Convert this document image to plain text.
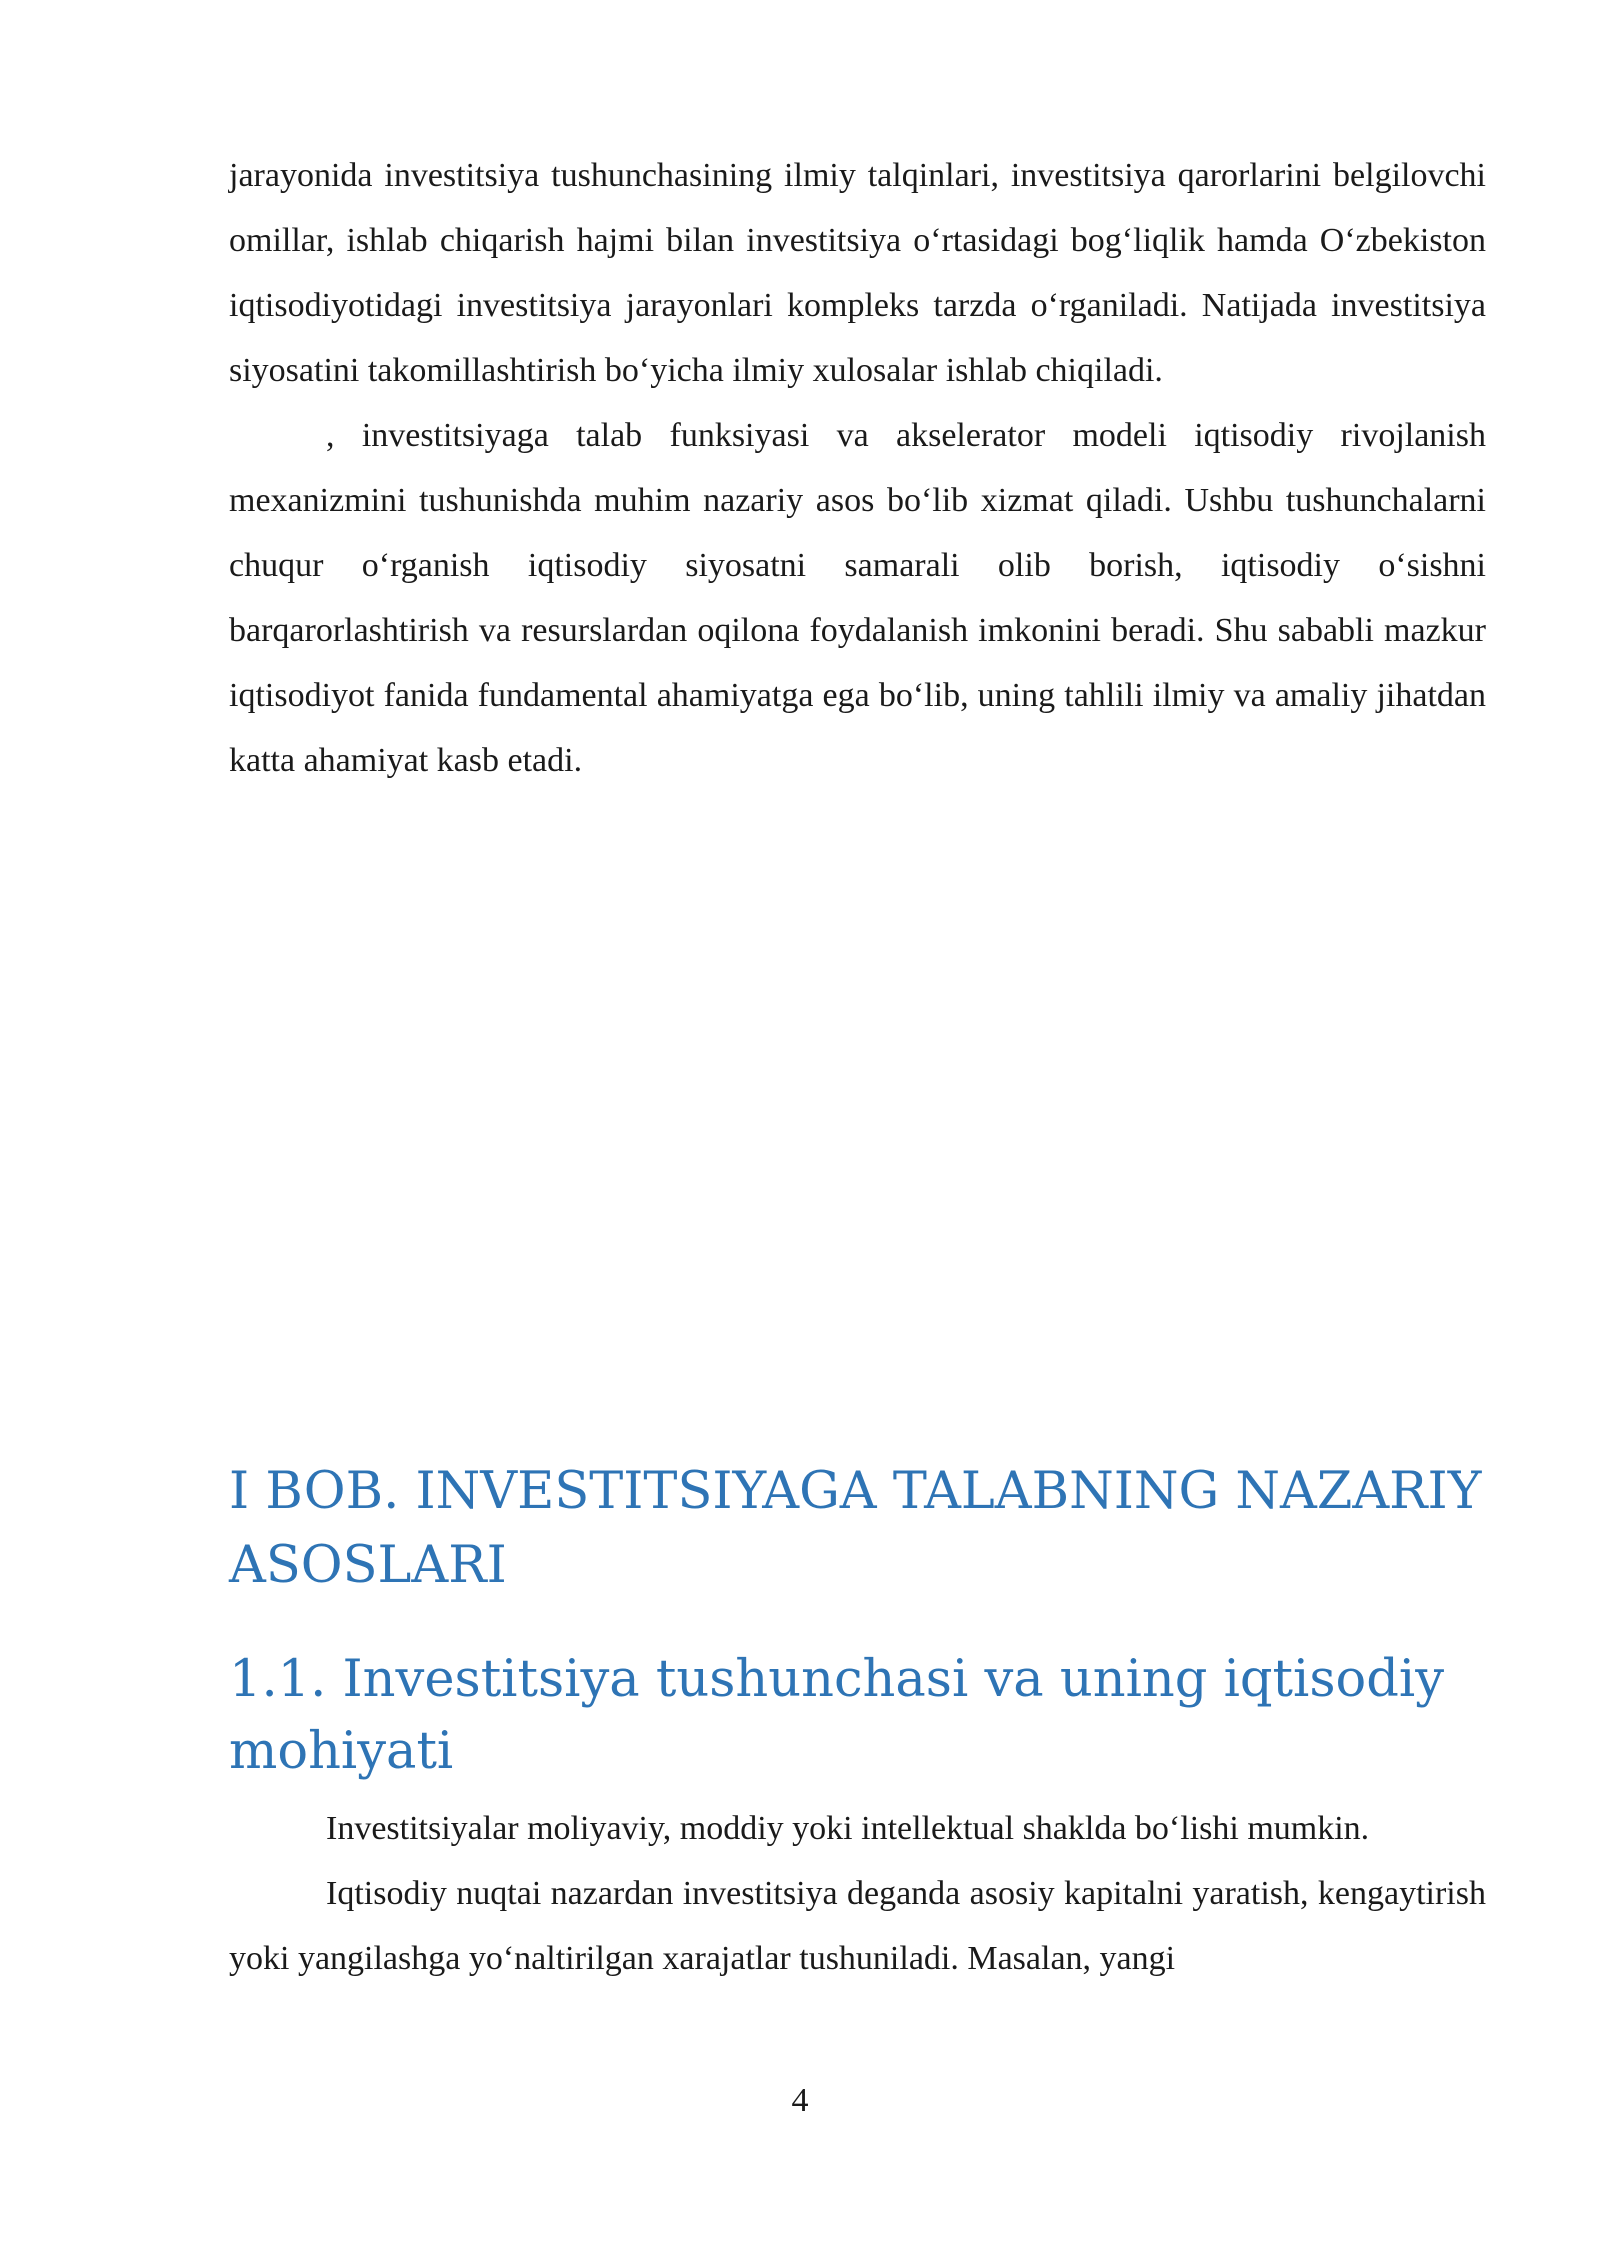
jarayonida investitsiya tushunchasining ilmiy talqinlari, investitsiya qarorlarini belgilovchi omillar, ishlab chiqarish hajmi bilan investitsiya o‘rtasidagi bog‘liqlik hamda O‘zbekiston iqtisodiyotidagi investitsiya jarayonlari kompleks tarzda o‘rganiladi. Natijada investitsiya siyosatini takomillashtirish bo‘yicha ilmiy xulosalar ishlab chiqiladi.

, investitsiyaga talab funksiyasi va akselerator modeli iqtisodiy rivojlanish mexanizmini tushunishda muhim nazariy asos bo‘lib xizmat qiladi. Ushbu tushunchalarni chuqur o‘rganish iqtisodiy siyosatni samarali olib borish, iqtisodiy o‘sishni barqarorlashtirish va resurslardan oqilona foydalanish imkonini beradi. Shu sababli mazkur iqtisodiyot fanida fundamental ahamiyatga ega bo‘lib, uning tahlili ilmiy va amaliy jihatdan katta ahamiyat kasb etadi.

I BOB. INVESTITSIYAGA TALABNING NAZARIY ASOSLARI
1.1. Investitsiya tushunchasi va uning iqtisodiy mohiyati

Investitsiyalar moliyaviy, moddiy yoki intellektual shaklda bo‘lishi mumkin.

Iqtisodiy nuqtai nazardan investitsiya deganda asosiy kapitalni yaratish, kengaytirish yoki yangilashga yo‘naltirilgan xarajatlar tushuniladi. Masalan, yangi

4
